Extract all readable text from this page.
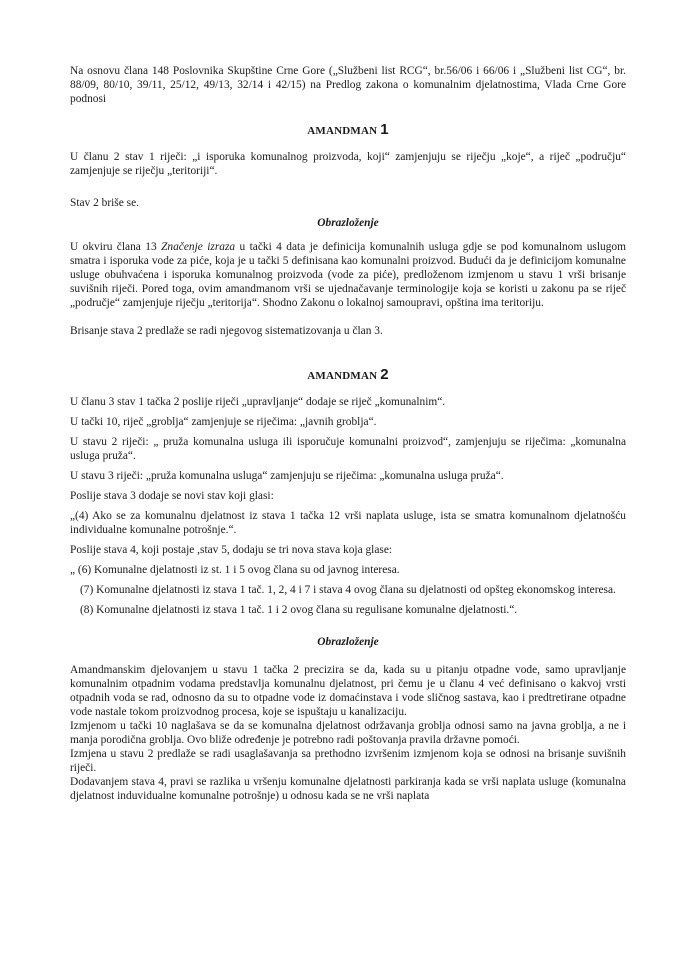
Na osnovu člana 148 Poslovnika Skupštine Crne Gore („Službeni list RCG“, br.56/06 i 66/06 i „Službeni list CG“, br. 88/09, 80/10, 39/11, 25/12, 49/13, 32/14 i 42/15) na Predlog zakona o komunalnim djelatnostima, Vlada Crne Gore podnosi

AMANDMAN 1

U članu 2 stav 1 riječi: „i isporuka komunalnog proizvoda, koji“ zamjenjuju se riječju „koje“, a riječ „području“ zamjenjuje se riječju „teritoriji“.

Stav 2 briše se.

Obrazloženje

U okviru člana 13 Značenje izraza u tački 4 data je definicija komunalnih usluga gdje se pod komunalnom uslugom smatra i isporuka vode za piće, koja je u tački 5 definisana kao komunalni proizvod. Budući da je definicijom komunalne usluge obuhvaćena i isporuka komunalnog proizvoda (vode za piće), predloženom izmjenom u stavu 1 vrši brisanje suvišnih riječi. Pored toga, ovim amandmanom vrši se ujednačavanje terminologije koja se koristi u zakonu pa se riječ „područje“ zamjenjuje riječju „teritorija“. Shodno Zakonu o lokalnoj samoupravi, opština ima teritoriju.

Brisanje stava 2 predlaže se radi njegovog sistematizovanja u član 3.

AMANDMAN 2

U članu 3 stav 1 tačka 2 poslije riječi „upravljanje“ dodaje se riječ „komunalnim“.

U tački 10, riječ „groblja“ zamjenjuje se riječima: „javnih groblja“.

U stavu 2 riječi: „ pruža komunalna usluga ili isporučuje komunalni proizvod“, zamjenjuju se riječima: „komunalna usluga pruža“.

U stavu 3 riječi: „pruža komunalna usluga“ zamjenjuju se riječima: „komunalna usluga pruža“.

Poslije stava 3 dodaje se novi stav koji glasi:

„(4) Ako se za komunalnu djelatnost iz stava 1 tačka 12 vrši naplata usluge, ista se smatra komunalnom djelatnošću individualne komunalne potrošnje.“.

Poslije stava 4, koji postaje ,stav 5, dodaju se tri nova stava koja glase:

„ (6) Komunalne djelatnosti iz st. 1 i 5 ovog člana su od javnog interesa.

(7) Komunalne djelatnosti iz stava 1 tač. 1, 2, 4 i 7 i stava 4 ovog člana su djelatnosti od opšteg ekonomskog interesa.

(8) Komunalne djelatnosti iz stava 1 tač. 1 i 2 ovog člana su regulisane komunalne djelatnosti.“.

Obrazloženje

Amandmanskim djelovanjem u stavu 1 tačka 2 precizira se da, kada su u pitanju otpadne vode, samo upravljanje komunalnim otpadnim vodama predstavlja komunalnu djelatnost, pri čemu je u članu 4 već definisano o kakvoj vrsti otpadnih voda se rad, odnosno da su to otpadne vode iz domaćinstava i vode sličnog sastava, kao i predtretirane otpadne vode nastale tokom proizvodnog procesa, koje se ispuštaju u kanalizaciju.

Izmjenom u tački 10 naglašava se da se komunalna djelatnost održavanja groblja odnosi samo na javna groblja, a ne i manja porodična groblja. Ovo bliže određenje je potrebno radi poštovanja pravila državne pomoći.

Izmjena u stavu 2 predlaže se radi usaglašavanja sa prethodno izvršenim izmjenom koja se odnosi na brisanje suvišnih riječi.

Dodavanjem stava 4, pravi se razlika u vršenju komunalne djelatnosti parkiranja kada se vrši naplata usluge (komunalna djelatnost induvidualne komunalne potrošnje) u odnosu kada se ne vrši naplata
